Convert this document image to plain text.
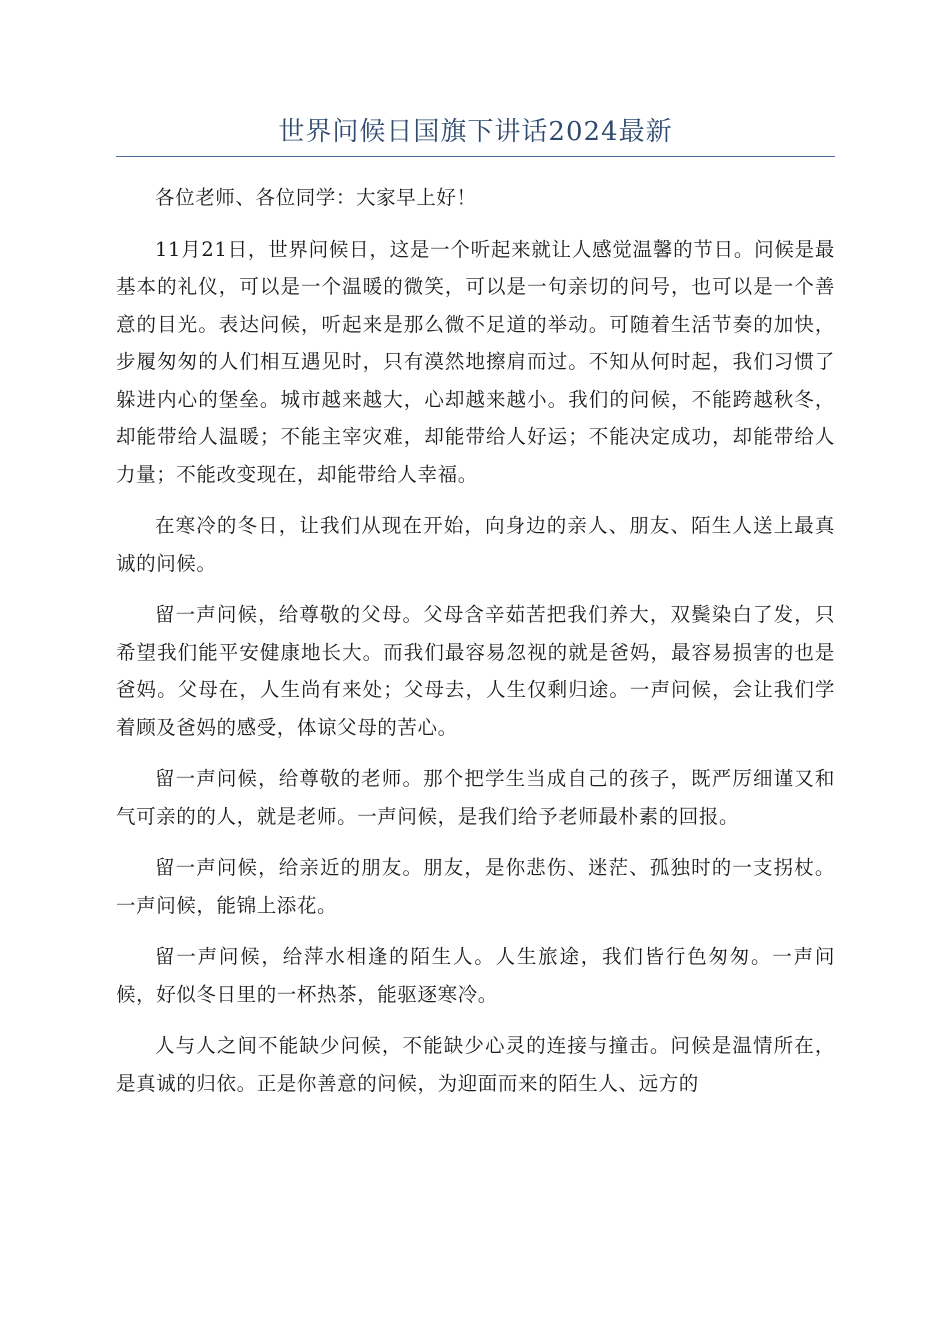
世界问候日国旗下讲话2024最新

各位老师、各位同学：大家早上好！

11月21日，世界问候日，这是一个听起来就让人感觉温馨的节日。问候是最基本的礼仪，可以是一个温暖的微笑，可以是一句亲切的问号，也可以是一个善意的目光。表达问候，听起来是那么微不足道的举动。可随着生活节奏的加快，步履匆匆的人们相互遇见时，只有漠然地擦肩而过。不知从何时起，我们习惯了躲进内心的堡垒。城市越来越大，心却越来越小。我们的问候，不能跨越秋冬，却能带给人温暖；不能主宰灾难，却能带给人好运；不能决定成功，却能带给人力量；不能改变现在，却能带给人幸福。

在寒冷的冬日，让我们从现在开始，向身边的亲人、朋友、陌生人送上最真诚的问候。

留一声问候，给尊敬的父母。父母含辛茹苦把我们养大，双鬓染白了发，只希望我们能平安健康地长大。而我们最容易忽视的就是爸妈，最容易损害的也是爸妈。父母在，人生尚有来处；父母去，人生仅剩归途。一声问候，会让我们学着顾及爸妈的感受，体谅父母的苦心。

留一声问候，给尊敬的老师。那个把学生当成自己的孩子，既严厉细谨又和气可亲的的人，就是老师。一声问候，是我们给予老师最朴素的回报。

留一声问候，给亲近的朋友。朋友，是你悲伤、迷茫、孤独时的一支拐杖。一声问候，能锦上添花。

留一声问候，给萍水相逢的陌生人。人生旅途，我们皆行色匆匆。一声问候，好似冬日里的一杯热茶，能驱逐寒冷。

人与人之间不能缺少问候，不能缺少心灵的连接与撞击。问候是温情所在，是真诚的归依。正是你善意的问候，为迎面而来的陌生人、远方的
